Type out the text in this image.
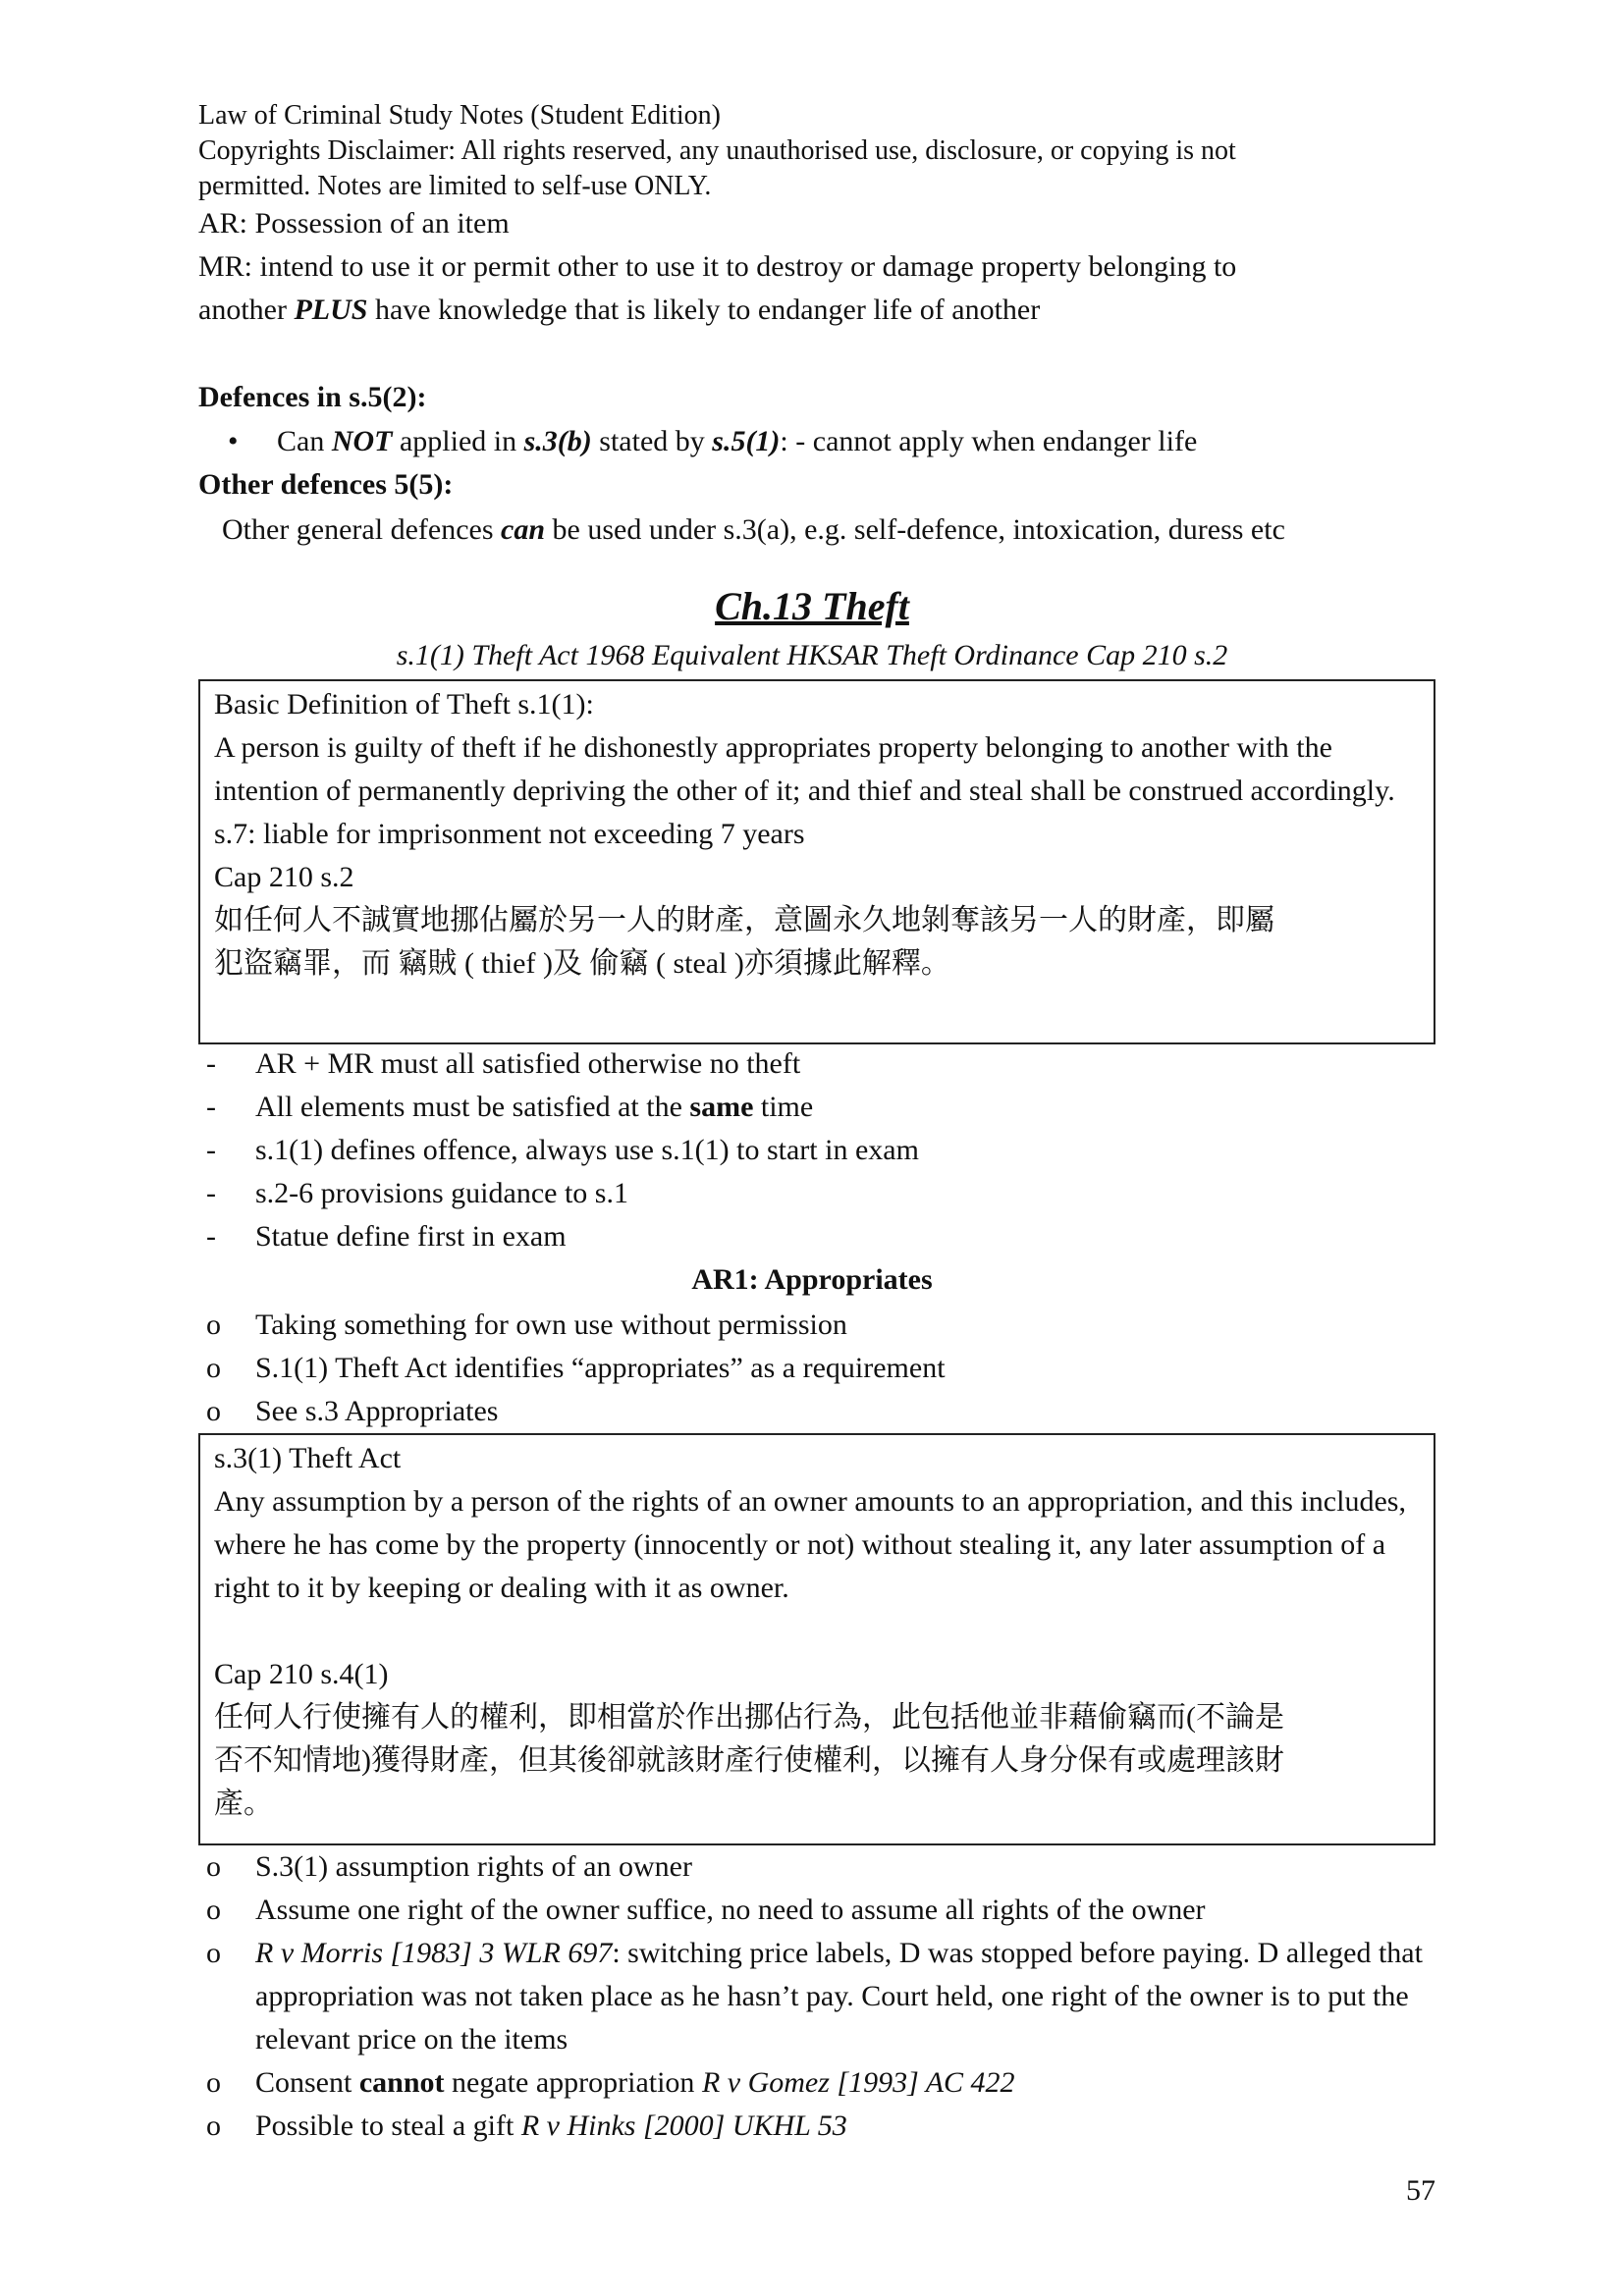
Law of Criminal Study Notes (Student Edition)
Copyrights Disclaimer: All rights reserved, any unauthorised use, disclosure, or copying is not
permitted. Notes are limited to self-use ONLY.
AR: Possession of an item
MR: intend to use it or permit other to use it to destroy or damage property belonging to
another PLUS have knowledge that is likely to endanger life of another
Defences in s.5(2):
• Can NOT applied in s.3(b) stated by s.5(1): - cannot apply when endanger life
Other defences 5(5):
Other general defences can be used under s.3(a), e.g. self-defence, intoxication, duress etc
Ch.13 Theft
s.1(1) Theft Act 1968 Equivalent HKSAR Theft Ordinance Cap 210 s.2
Basic Definition of Theft s.1(1):
A person is guilty of theft if he dishonestly appropriates property belonging to another with the intention of permanently depriving the other of it; and thief and steal shall be construed accordingly.
s.7: liable for imprisonment not exceeding 7 years
Cap 210 s.2
如任何人不誠實地挪佔屬於另一人的財產，意圖永久地剝奪該另一人的財產，即屬
犯盜竊罪，而 竊賊 ( thief )及 偷竊 ( steal )亦須據此解釋。
- AR + MR must all satisfied otherwise no theft
- All elements must be satisfied at the same time
- s.1(1) defines offence, always use s.1(1) to start in exam
- s.2-6 provisions guidance to s.1
- Statue define first in exam
AR1: Appropriates
o Taking something for own use without permission
o S.1(1) Theft Act identifies “appropriates” as a requirement
o See s.3 Appropriates
s.3(1) Theft Act
Any assumption by a person of the rights of an owner amounts to an appropriation, and this includes, where he has come by the property (innocently or not) without stealing it, any later assumption of a right to it by keeping or dealing with it as owner.
Cap 210 s.4(1)
任何人行使擁有人的權利，即相當於作出挪佔行為，此包括他並非藉偷竊而(不論是
否不知情地)獲得財產，但其後卻就該財產行使權利，以擁有人身分保有或處理該財
產。
o S.3(1) assumption rights of an owner
o Assume one right of the owner suffice, no need to assume all rights of the owner
o R v Morris [1983] 3 WLR 697: switching price labels, D was stopped before paying. D alleged that appropriation was not taken place as he hasn’t pay. Court held, one right of the owner is to put the relevant price on the items
o Consent cannot negate appropriation R v Gomez [1993] AC 422
o Possible to steal a gift R v Hinks [2000] UKHL 53
57
